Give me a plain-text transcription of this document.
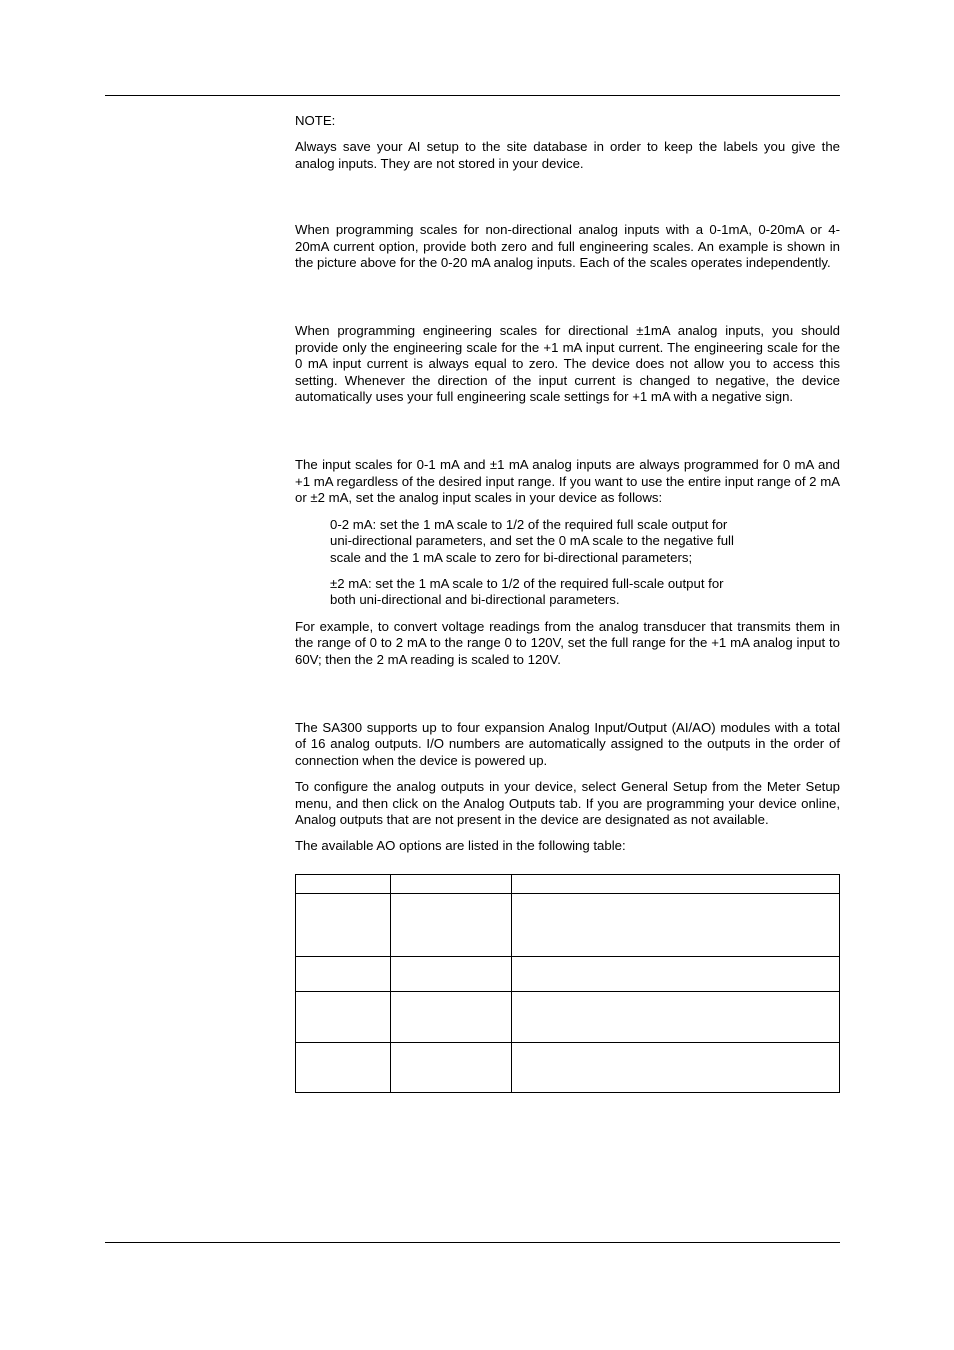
NOTE:

Always save your AI setup to the site database in order to keep the labels you give the analog inputs. They are not stored in your device.

When programming scales for non-directional analog inputs with a 0-1mA, 0-20mA or 4-20mA current option, provide both zero and full engineering scales. An example is shown in the picture above for the 0-20 mA analog inputs. Each of the scales operates independently.

When programming engineering scales for directional ±1mA analog inputs, you should provide only the engineering scale for the +1 mA input current. The engineering scale for the 0 mA input current is always equal to zero. The device does not allow you to access this setting. Whenever the direction of the input current is changed to negative, the device automatically uses your full engineering scale settings for +1 mA with a negative sign.

The input scales for 0-1 mA and ±1 mA analog inputs are always programmed for 0 mA and +1 mA regardless of the desired input range. If you want to use the entire input range of 2 mA or ±2 mA, set the analog input scales in your device as follows:

0-2 mA: set the 1 mA scale to 1/2 of the required full scale output for uni-directional parameters, and set the 0 mA scale to the negative full scale and the 1 mA scale to zero for bi-directional parameters;

±2 mA: set the 1 mA scale to 1/2 of the required full-scale output for both uni-directional and bi-directional parameters.

For example, to convert voltage readings from the analog transducer that transmits them in the range of 0 to 2 mA to the range 0 to 120V, set the full range for the +1 mA analog input to 60V; then the 2 mA reading is scaled to 120V.

The SA300 supports up to four expansion Analog Input/Output (AI/AO) modules with a total of 16 analog outputs. I/O numbers are automatically assigned to the outputs in the order of connection when the device is powered up.

To configure the analog outputs in your device, select General Setup from the Meter Setup menu, and then click on the Analog Outputs tab. If you are programming your device online, Analog outputs that are not present in the device are designated as not available.

The available AO options are listed in the following table:
